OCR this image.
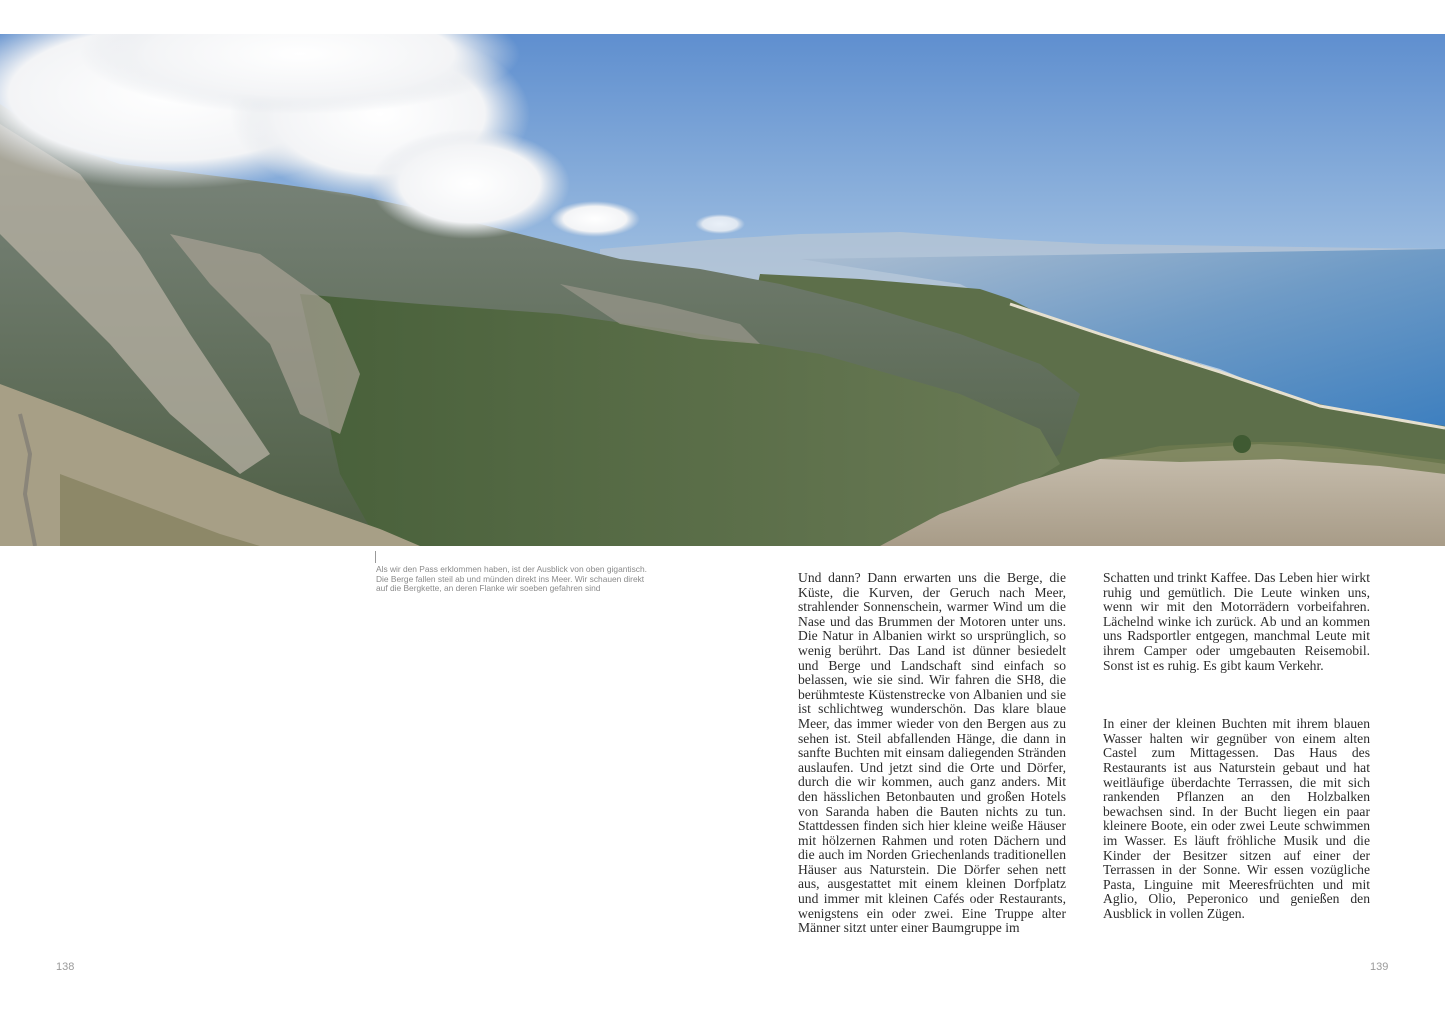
Als wir den Pass erklommen haben, ist der Ausblick von oben gigantisch. Die Berge fallen steil ab und münden direkt ins Meer. Wir schauen direkt auf die Bergkette, an deren Flanke wir soeben gefahren sind

Und dann? Dann erwarten uns die Berge, die Küste, die Kurven, der Geruch nach Meer, strahlender Sonnenschein, warmer Wind um die Nase und das Brummen der Motoren unter uns. Die Natur in Albanien wirkt so ursprünglich, so wenig berührt. Das Land ist dünner besiedelt und Berge und Landschaft sind einfach so belassen, wie sie sind. Wir fahren die SH8, die berühmteste Küstenstrecke von Albanien und sie ist schlichtweg wunderschön. Das klare blaue Meer, das immer wieder von den Bergen aus zu sehen ist. Steil abfallenden Hänge, die dann in sanfte Buchten mit einsam daliegenden Stränden auslaufen. Und jetzt sind die Orte und Dörfer, durch die wir kommen, auch ganz anders. Mit den hässlichen Betonbauten und großen Hotels von Saranda haben die Bauten nichts zu tun. Stattdessen finden sich hier kleine weiße Häuser mit hölzernen Rahmen und roten Dächern und die auch im Norden Griechenlands traditionellen Häuser aus Naturstein. Die Dörfer sehen nett aus, ausgestattet mit einem kleinen Dorfplatz und immer mit kleinen Cafés oder Restaurants, wenigstens ein oder zwei. Eine Truppe alter Männer sitzt unter einer Baumgruppe im

Schatten und trinkt Kaffee. Das Leben hier wirkt ruhig und gemütlich. Die Leute winken uns, wenn wir mit den Motorrädern vorbeifahren. Lächelnd winke ich zurück. Ab und an kommen uns Radsportler entgegen, manchmal Leute mit ihrem Camper oder umgebauten Reisemobil. Sonst ist es ruhig. Es gibt kaum Verkehr.

In einer der kleinen Buchten mit ihrem blauen Wasser halten wir gegnüber von einem alten Castel zum Mittagessen. Das Haus des Restaurants ist aus Naturstein gebaut und hat weitläufige überdachte Terrassen, die mit sich rankenden Pflanzen an den Holzbalken bewachsen sind. In der Bucht liegen ein paar kleinere Boote, ein oder zwei Leute schwimmen im Wasser. Es läuft fröhliche Musik und die Kinder der Besitzer sitzen auf einer der Terrassen in der Sonne. Wir essen vozügliche Pasta, Linguine mit Meeresfrüchten und mit Aglio, Olio, Peperonico und genießen den Ausblick in vollen Zügen.

138	139
